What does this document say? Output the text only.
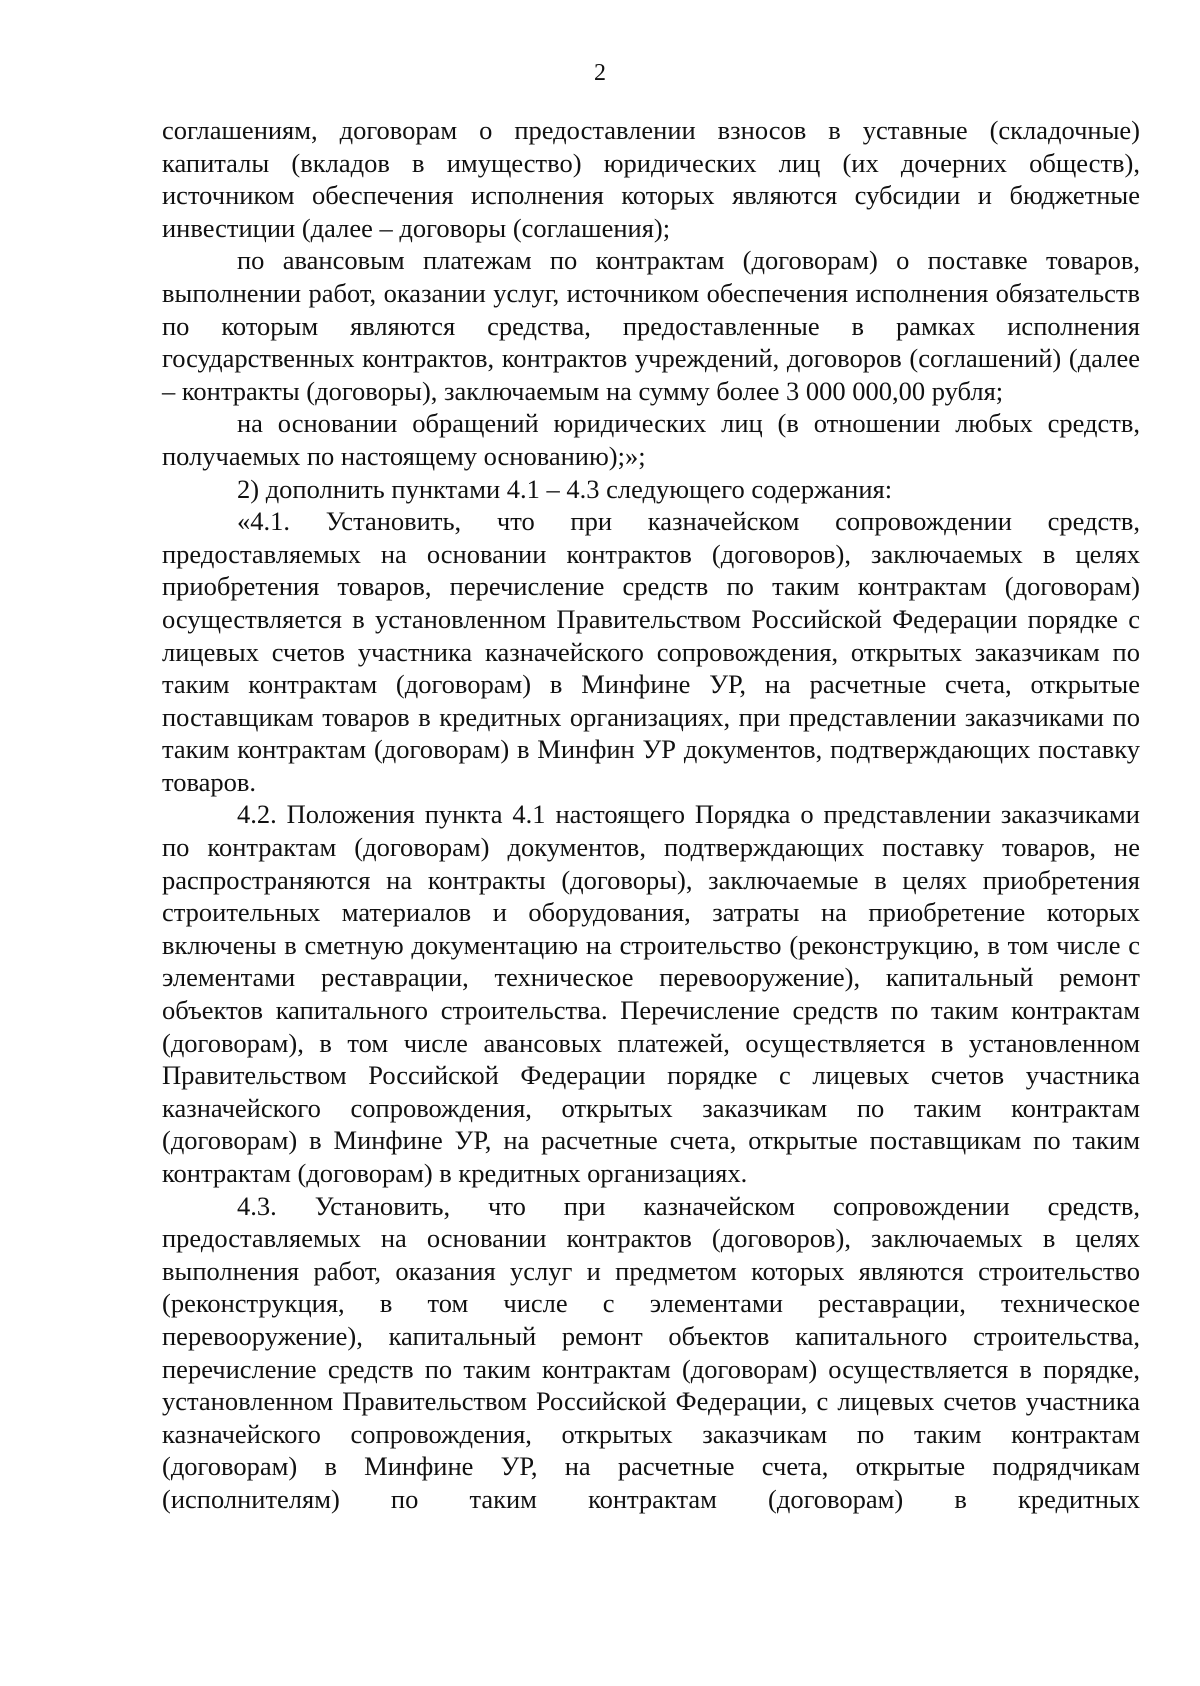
2

соглашениям, договорам о предоставлении взносов в уставные (складочные) капиталы (вкладов в имущество) юридических лиц (их дочерних обществ), источником обеспечения исполнения которых являются субсидии и бюджетные инвестиции (далее – договоры (соглашения);

по авансовым платежам по контрактам (договорам) о поставке товаров, выполнении работ, оказании услуг, источником обеспечения исполнения обязательств по которым являются средства, предоставленные в рамках исполнения государственных контрактов, контрактов учреждений, договоров (соглашений) (далее – контракты (договоры), заключаемым на сумму более 3 000 000,00 рубля;

на основании обращений юридических лиц (в отношении любых средств, получаемых по настоящему основанию);»;

2) дополнить пунктами 4.1 – 4.3 следующего содержания:

«4.1. Установить, что при казначейском сопровождении средств, предоставляемых на основании контрактов (договоров), заключаемых в целях приобретения товаров, перечисление средств по таким контрактам (договорам) осуществляется в установленном Правительством Российской Федерации порядке с лицевых счетов участника казначейского сопровождения, открытых заказчикам по таким контрактам (договорам) в Минфине УР, на расчетные счета, открытые поставщикам товаров в кредитных организациях, при представлении заказчиками по таким контрактам (договорам) в Минфин УР документов, подтверждающих поставку товаров.

4.2. Положения пункта 4.1 настоящего Порядка о представлении заказчиками по контрактам (договорам) документов, подтверждающих поставку товаров, не распространяются на контракты (договоры), заключаемые в целях приобретения строительных материалов и оборудования, затраты на приобретение которых включены в сметную документацию на строительство (реконструкцию, в том числе с элементами реставрации, техническое перевооружение), капитальный ремонт объектов капитального строительства. Перечисление средств по таким контрактам (договорам), в том числе авансовых платежей, осуществляется в установленном Правительством Российской Федерации порядке с лицевых счетов участника казначейского сопровождения, открытых заказчикам по таким контрактам (договорам) в Минфине УР, на расчетные счета, открытые поставщикам по таким контрактам (договорам) в кредитных организациях.

4.3. Установить, что при казначейском сопровождении средств, предоставляемых на основании контрактов (договоров), заключаемых в целях выполнения работ, оказания услуг и предметом которых являются строительство (реконструкция, в том числе с элементами реставрации, техническое перевооружение), капитальный ремонт объектов капитального строительства, перечисление средств по таким контрактам (договорам) осуществляется в порядке, установленном Правительством Российской Федерации, с лицевых счетов участника казначейского сопровождения, открытых заказчикам по таким контрактам (договорам) в Минфине УР, на расчетные счета, открытые подрядчикам (исполнителям) по таким контрактам (договорам) в кредитных
